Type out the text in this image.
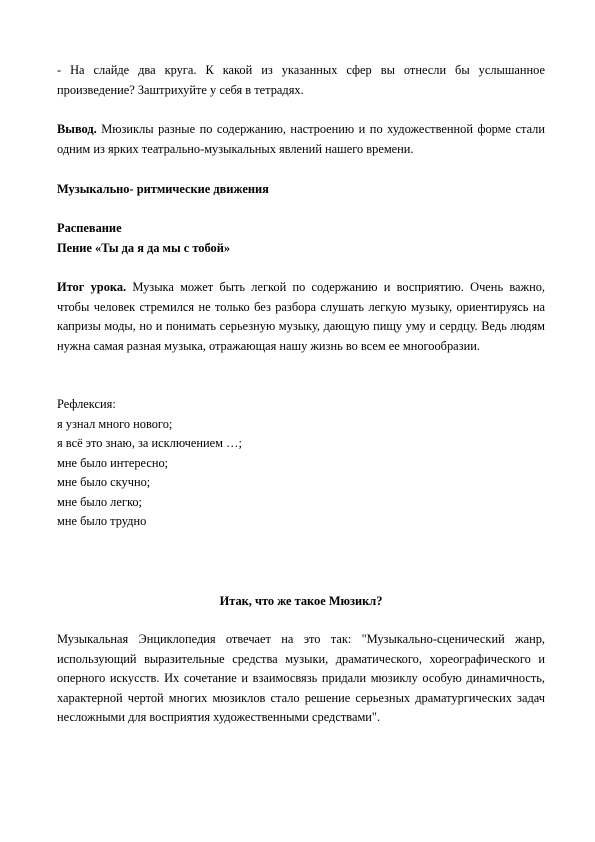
- На слайде два круга. К какой из указанных сфер вы отнесли бы услышанное произведение? Заштрихуйте у себя в тетрадях.

Вывод. Мюзиклы разные по содержанию, настроению и по художественной форме стали одним из ярких театрально-музыкальных явлений нашего времени.

Музыкально- ритмические движения

Распевание

Пение «Ты да я да мы с тобой»

Итог урока. Музыка может быть легкой по содержанию и восприятию. Очень важно, чтобы человек стремился не только без разбора слушать легкую музыку, ориентируясь на капризы моды, но и понимать серьезную музыку, дающую пищу уму и сердцу. Ведь людям нужна самая разная музыка, отражающая нашу жизнь во всем ее многообразии.

Рефлексия:
я узнал много нового;
я всё это знаю, за исключением …;
мне было интересно;
мне было скучно;
мне было легко;
мне было трудно

Итак, что же такое Мюзикл?

Музыкальная Энциклопедия отвечает на это так: "Музыкально-сценический жанр, использующий выразительные средства музыки, драматического, хореографического и оперного искусств. Их сочетание и взаимосвязь придали мюзиклу особую динамичность, характерной чертой многих мюзиклов стало решение серьезных драматургических задач несложными для восприятия художественными средствами".
